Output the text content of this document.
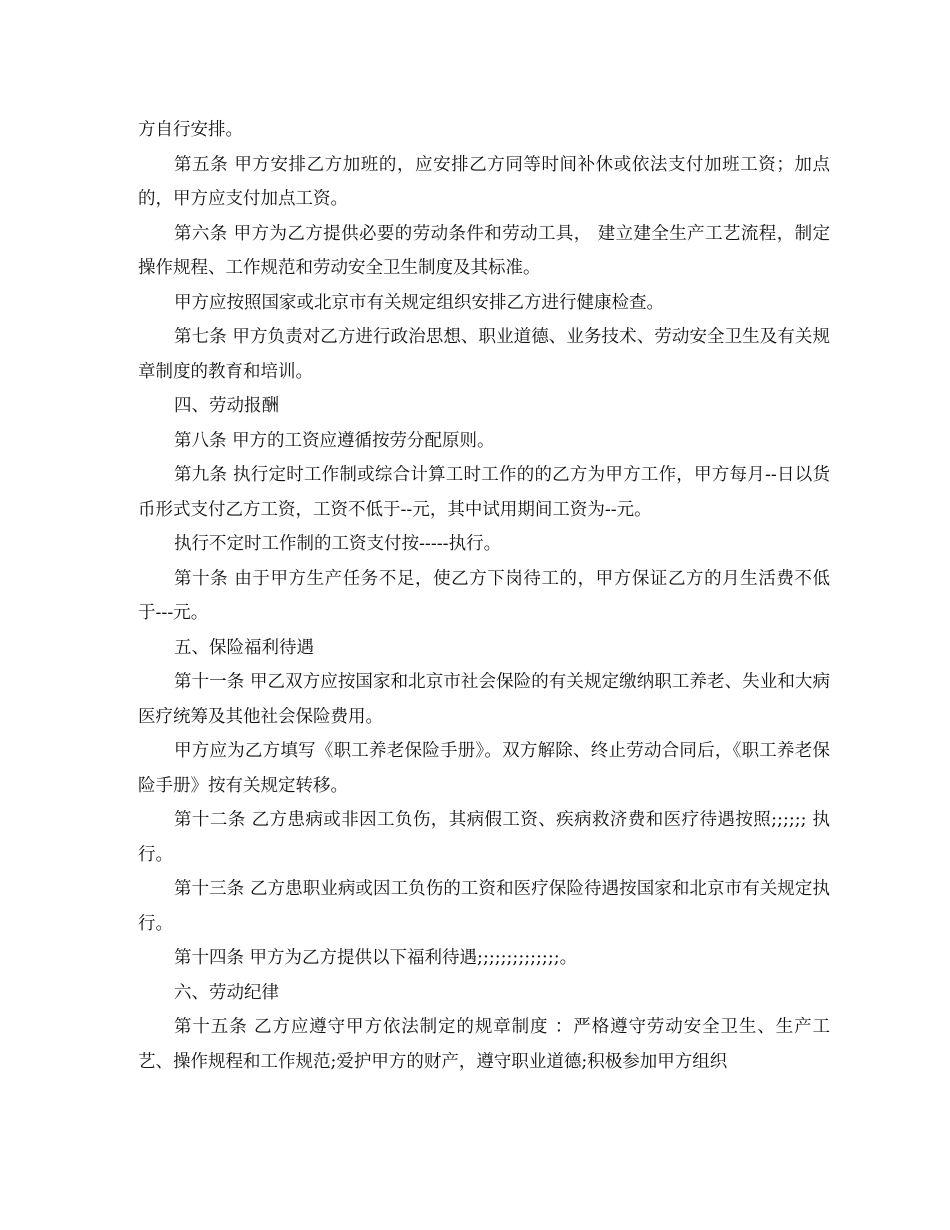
方自行安排。

第五条 甲方安排乙方加班的，应安排乙方同等时间补休或依法支付加班工资；加点的，甲方应支付加点工资。

第六条 甲方为乙方提供必要的劳动条件和劳动工具， 建立建全生产工艺流程，制定操作规程、工作规范和劳动安全卫生制度及其标准。

甲方应按照国家或北京市有关规定组织安排乙方进行健康检查。

第七条 甲方负责对乙方进行政治思想、职业道德、业务技术、劳动安全卫生及有关规章制度的教育和培训。

四、劳动报酬

第八条 甲方的工资应遵循按劳分配原则。

第九条 执行定时工作制或综合计算工时工作的的乙方为甲方工作，甲方每月--日以货币形式支付乙方工资，工资不低于--元，其中试用期间工资为--元。

执行不定时工作制的工资支付按-----执行。

第十条 由于甲方生产任务不足，使乙方下岗待工的，甲方保证乙方的月生活费不低于---元。

五、保险福利待遇

第十一条 甲乙双方应按国家和北京市社会保险的有关规定缴纳职工养老、失业和大病医疗统筹及其他社会保险费用。

甲方应为乙方填写《职工养老保险手册》。双方解除、终止劳动合同后，《职工养老保险手册》按有关规定转移。

第十二条 乙方患病或非因工负伤，其病假工资、疾病救济费和医疗待遇按照;;;;;; 执行。

第十三条 乙方患职业病或因工负伤的工资和医疗保险待遇按国家和北京市有关规定执行。

第十四条 甲方为乙方提供以下福利待遇;;;;;;;;;;;;;;。

六、劳动纪律

第十五条 乙方应遵守甲方依法制定的规章制度 ：严格遵守劳动安全卫生、生产工艺、操作规程和工作规范;爱护甲方的财产，遵守职业道德;积极参加甲方组织
